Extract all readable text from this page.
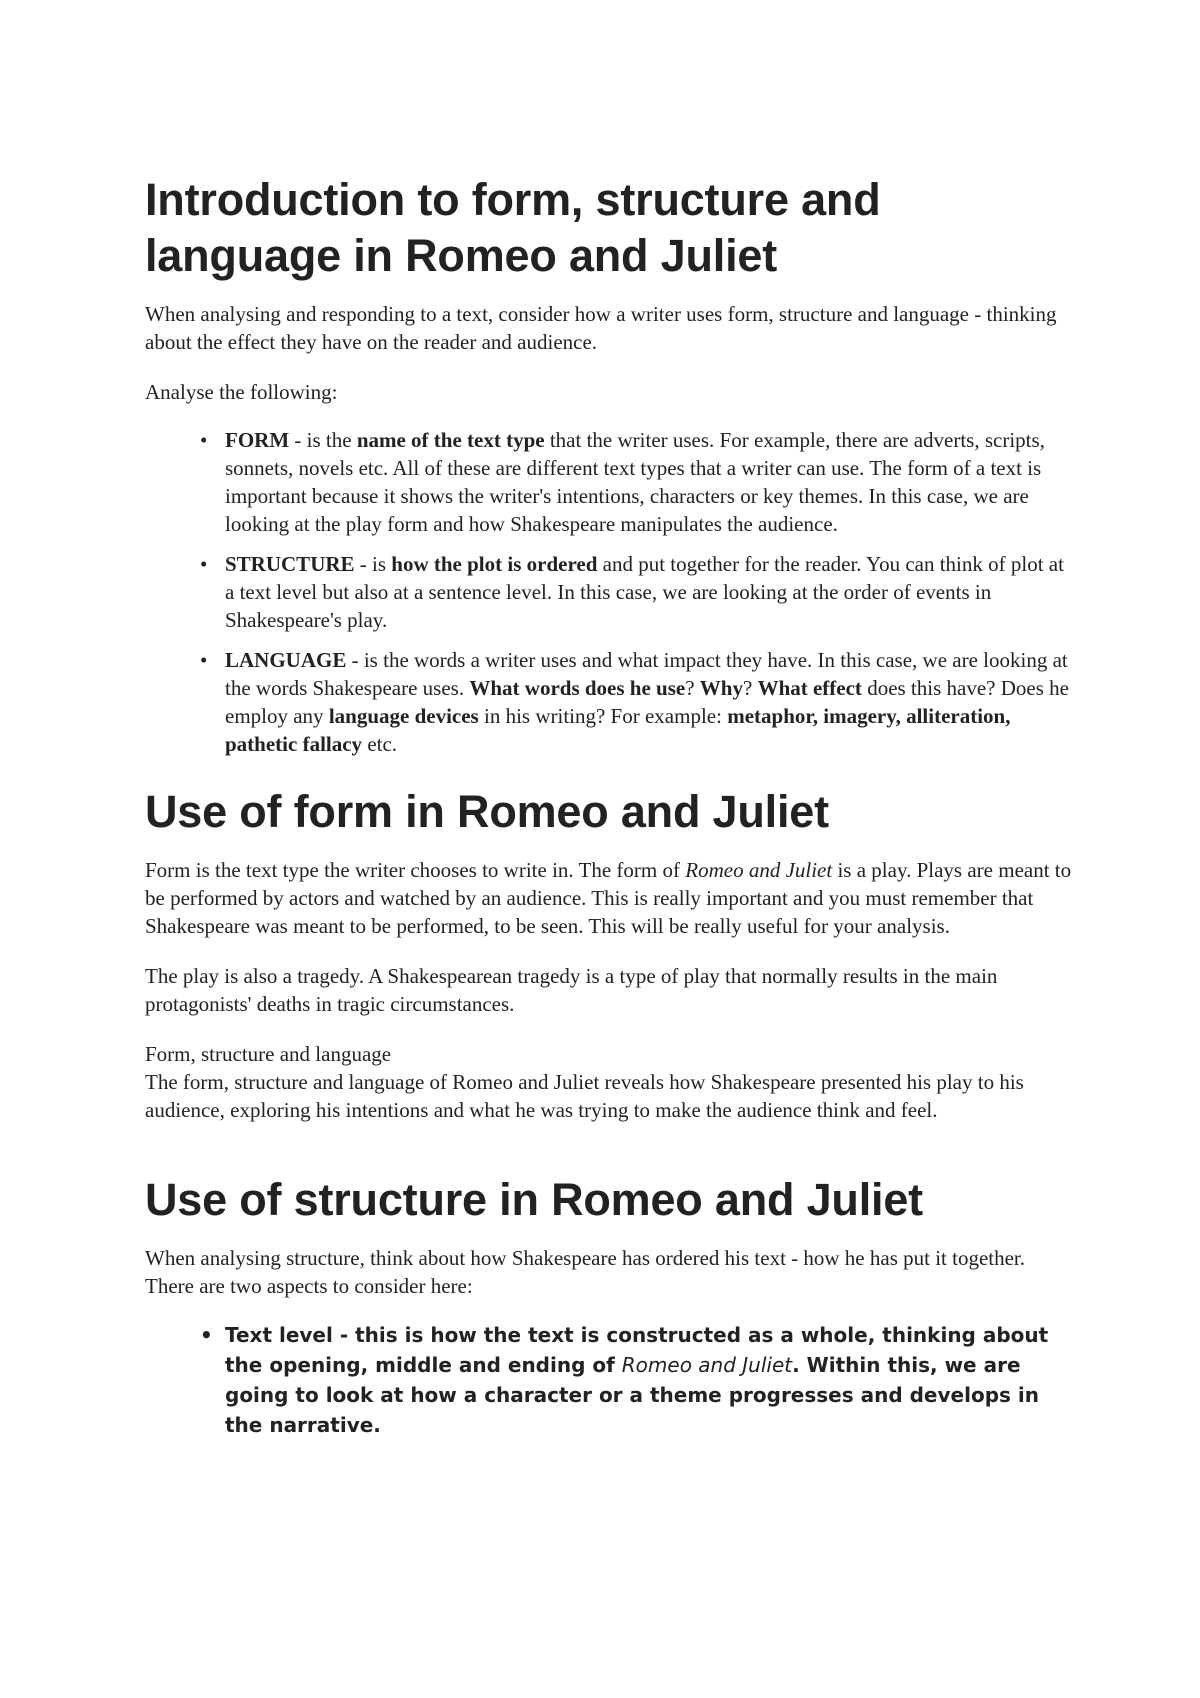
Introduction to form, structure and language in Romeo and Juliet

When analysing and responding to a text, consider how a writer uses form, structure and language - thinking about the effect they have on the reader and audience.

Analyse the following:

• FORM - is the name of the text type that the writer uses. For example, there are adverts, scripts, sonnets, novels etc. All of these are different text types that a writer can use. The form of a text is important because it shows the writer's intentions, characters or key themes. In this case, we are looking at the play form and how Shakespeare manipulates the audience.
• STRUCTURE - is how the plot is ordered and put together for the reader. You can think of plot at a text level but also at a sentence level. In this case, we are looking at the order of events in Shakespeare's play.
• LANGUAGE - is the words a writer uses and what impact they have. In this case, we are looking at the words Shakespeare uses. What words does he use? Why? What effect does this have? Does he employ any language devices in his writing? For example: metaphor, imagery, alliteration, pathetic fallacy etc.
Use of form in Romeo and Juliet

Form is the text type the writer chooses to write in. The form of Romeo and Juliet is a play. Plays are meant to be performed by actors and watched by an audience. This is really important and you must remember that Shakespeare was meant to be performed, to be seen. This will be really useful for your analysis.

The play is also a tragedy. A Shakespearean tragedy is a type of play that normally results in the main protagonists' deaths in tragic circumstances.

Form, structure and language

The form, structure and language of Romeo and Juliet reveals how Shakespeare presented his play to his audience, exploring his intentions and what he was trying to make the audience think and feel.

Use of structure in Romeo and Juliet

When analysing structure, think about how Shakespeare has ordered his text - how he has put it together. There are two aspects to consider here:

• Text level - this is how the text is constructed as a whole, thinking about the opening, middle and ending of Romeo and Juliet. Within this, we are going to look at how a character or a theme progresses and develops in the narrative.
